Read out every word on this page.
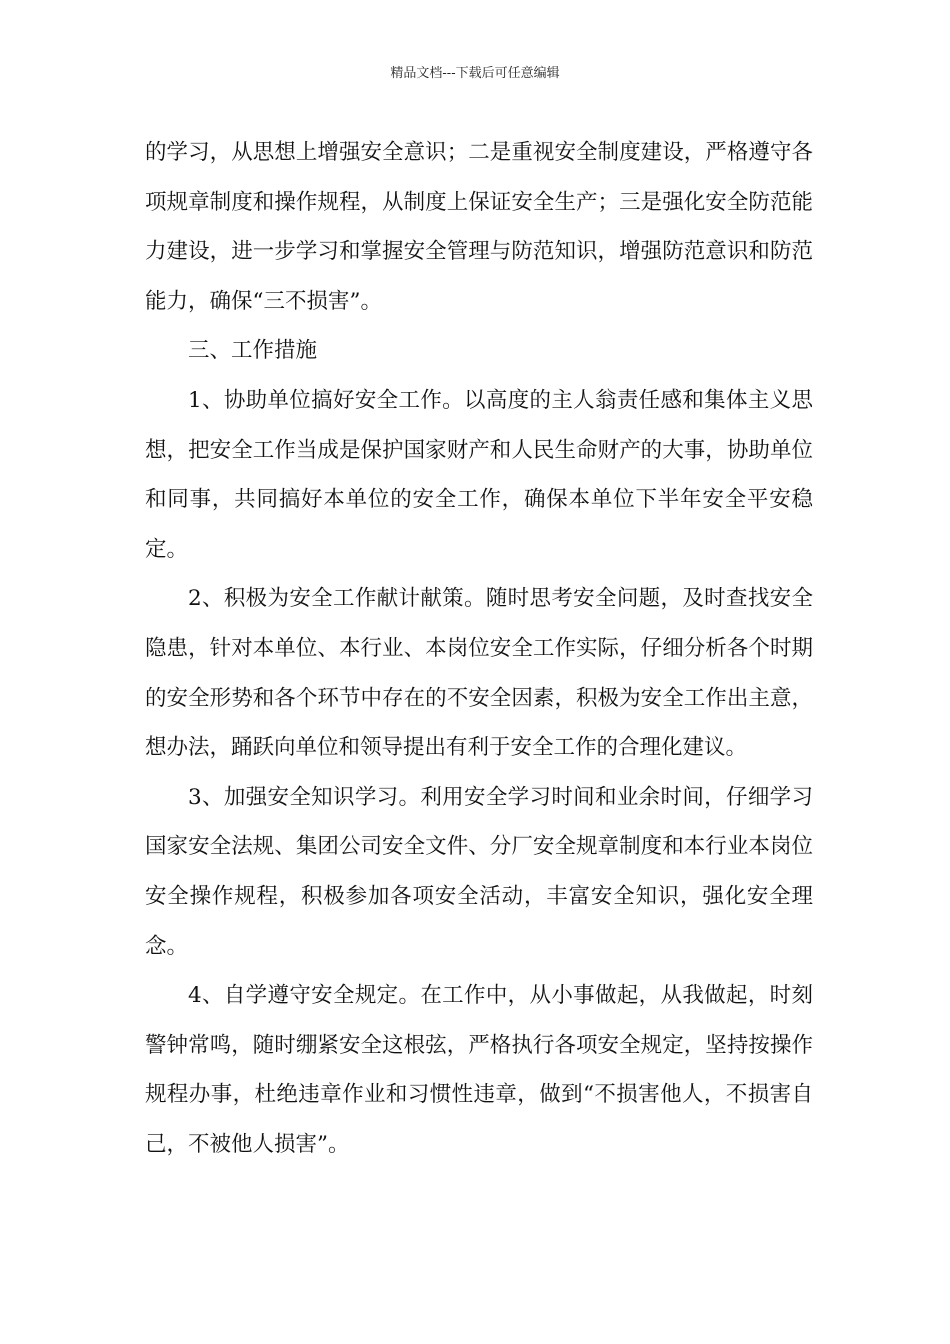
精品文档---下载后可任意编辑

的学习，从思想上增强安全意识；二是重视安全制度建设，严格遵守各项规章制度和操作规程，从制度上保证安全生产；三是强化安全防范能力建设，进一步学习和掌握安全管理与防范知识，增强防范意识和防范能力，确保“三不损害”。

三、工作措施

1、协助单位搞好安全工作。以高度的主人翁责任感和集体主义思想，把安全工作当成是保护国家财产和人民生命财产的大事，协助单位和同事，共同搞好本单位的安全工作，确保本单位下半年安全平安稳定。

2、积极为安全工作献计献策。随时思考安全问题，及时查找安全隐患，针对本单位、本行业、本岗位安全工作实际，仔细分析各个时期的安全形势和各个环节中存在的不安全因素，积极为安全工作出主意，想办法，踊跃向单位和领导提出有利于安全工作的合理化建议。

3、加强安全知识学习。利用安全学习时间和业余时间，仔细学习国家安全法规、集团公司安全文件、分厂安全规章制度和本行业本岗位安全操作规程，积极参加各项安全活动，丰富安全知识，强化安全理念。

4、自学遵守安全规定。在工作中，从小事做起，从我做起，时刻警钟常鸣，随时绷紧安全这根弦，严格执行各项安全规定，坚持按操作规程办事，杜绝违章作业和习惯性违章，做到“不损害他人，不损害自己，不被他人损害”。
